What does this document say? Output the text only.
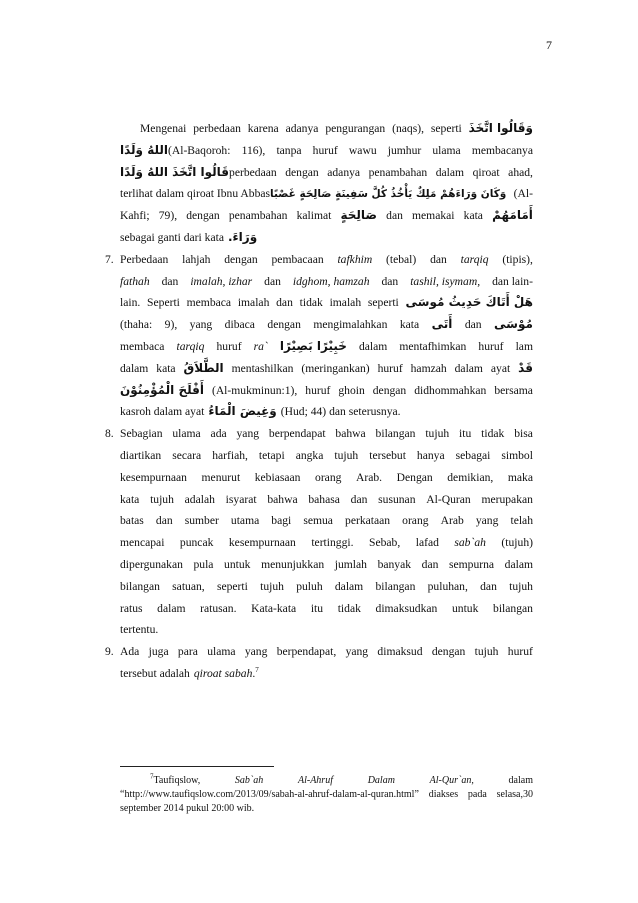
7
Mengenai perbedaan karena adanya pengurangan (naqs), seperti وَقَالُوا اتَّخَذَ
اللهُ وَلَدًا(Al-Baqoroh: 116), tanpa huruf wawu jumhur ulama membacanya
قَالُوا اتَّخَذَ اللهُ وَلَدًاperbedaan dengan adanya penambahan dalam qiroat ahad,
terlihat dalam qiroat Ibnu Abbasوَكَانَ وَرَاءَهُمْ مَلِكٌ يَأْخُذُ كُلَّ سَفِينَةٍ صَالِحَةٍ غَصْبًا (Al-
Kahfi; 79), dengan penambahan kalimat صَالِحَةٍ dan memakai kata أَمَامَهُمْ
sebagai ganti dari kata وَرَاءَ.
7. Perbedaan lahjah dengan pembacaan tafkhim (tebal) dan tarqiq (tipis),
fathah dan imalah, izhar dan idghom, hamzah dan tashil, isymam, dan lain-
lain. Seperti membaca imalah dan tidak imalah seperti هَلْ أَتَاكَ حَدِيثُ مُوسَى
(thaha: 9), yang dibaca dengan mengimalahkan kata أَتَى dan مُوْسَى
membaca tarqiq huruf ra` خَبِيْرًا بَصِيْرًا dalam mentafhimkan huruf lam
dalam kata الطَّلاَقُ mentashilkan (meringankan) huruf hamzah dalam ayat قَدْ
أَفْلَحَ الْمُؤْمِنُوْنَ (Al-mukminun:1), huruf ghoin dengan didhommahkan bersama
kasroh dalam ayat وَغِيضَ الْمَاءُ (Hud; 44) dan seterusnya.
8. Sebagian ulama ada yang berpendapat bahwa bilangan tujuh itu tidak bisa
diartikan secara harfiah, tetapi angka tujuh tersebut hanya sebagai simbol
kesempurnaan menurut kebiasaan orang Arab. Dengan demikian, maka
kata tujuh adalah isyarat bahwa bahasa dan susunan Al-Quran merupakan
batas dan sumber utama bagi semua perkataan orang Arab yang telah
mencapai puncak kesempurnaan tertinggi. Sebab, lafad sab`ah (tujuh)
dipergunakan pula untuk menunjukkan jumlah banyak dan sempurna dalam
bilangan satuan, seperti tujuh puluh dalam bilangan puluhan, dan tujuh
ratus dalam ratusan. Kata-kata itu tidak dimaksudkan untuk bilangan
tertentu.
9. Ada juga para ulama yang berpendapat, yang dimaksud dengan tujuh huruf
tersebut adalah qiroat sabah.$^7$
$^7$Taufiqslow,	Sab`ah	Al-Ahruf	Dalam	Al-Qur`an,	dalam
“http://www.taufiqslow.com/2013/09/sabah-al-ahruf-dalam-al-quran.html” diakses pada selasa,30
september 2014 pukul 20:00 wib.
